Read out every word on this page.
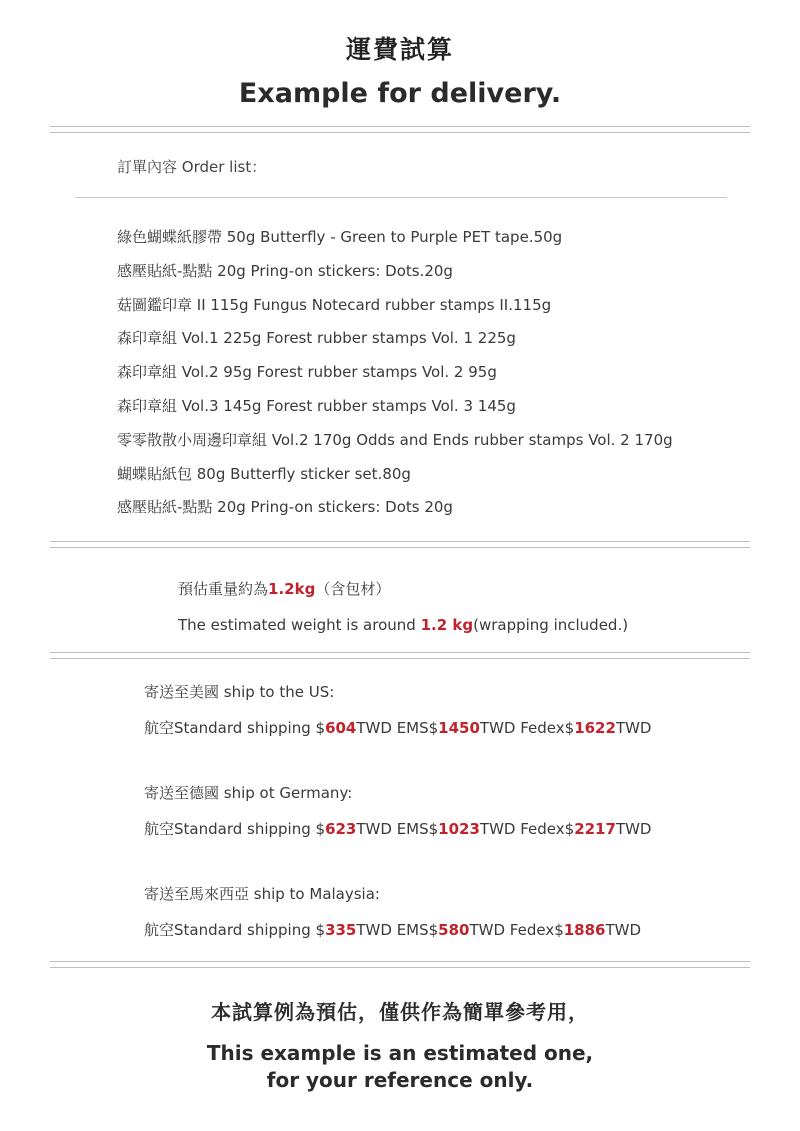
運費試算
Example for delivery.
訂單內容 Order list：
綠色蝴蝶紙膠帶 50g Butterfly - Green to Purple PET tape.50g
感壓貼紙-點點 20g Pring-on stickers: Dots.20g
菇圖鑑印章 II 115g Fungus Notecard rubber stamps II.115g
森印章組 Vol.1 225g Forest rubber stamps Vol. 1 225g
森印章組 Vol.2 95g Forest rubber stamps Vol. 2 95g
森印章組 Vol.3 145g Forest rubber stamps Vol. 3 145g
零零散散小周邊印章組 Vol.2 170g Odds and Ends rubber stamps Vol. 2 170g
蝴蝶貼紙包 80g Butterfly sticker set.80g
感壓貼紙-點點 20g Pring-on stickers: Dots 20g
預估重量約為1.2kg（含包材）
The estimated weight is around 1.2 kg(wrapping included.)
寄送至美國 ship to the US:
航空Standard shipping $604TWD EMS$1450TWD Fedex$1622TWD
寄送至德國 ship ot Germany:
航空Standard shipping $623TWD EMS$1023TWD Fedex$2217TWD
寄送至馬來西亞 ship to Malaysia:
航空Standard shipping $335TWD EMS$580TWD Fedex$1886TWD
本試算例為預估，僅供作為簡單參考用，
This example is an estimated one,
for your reference only.
